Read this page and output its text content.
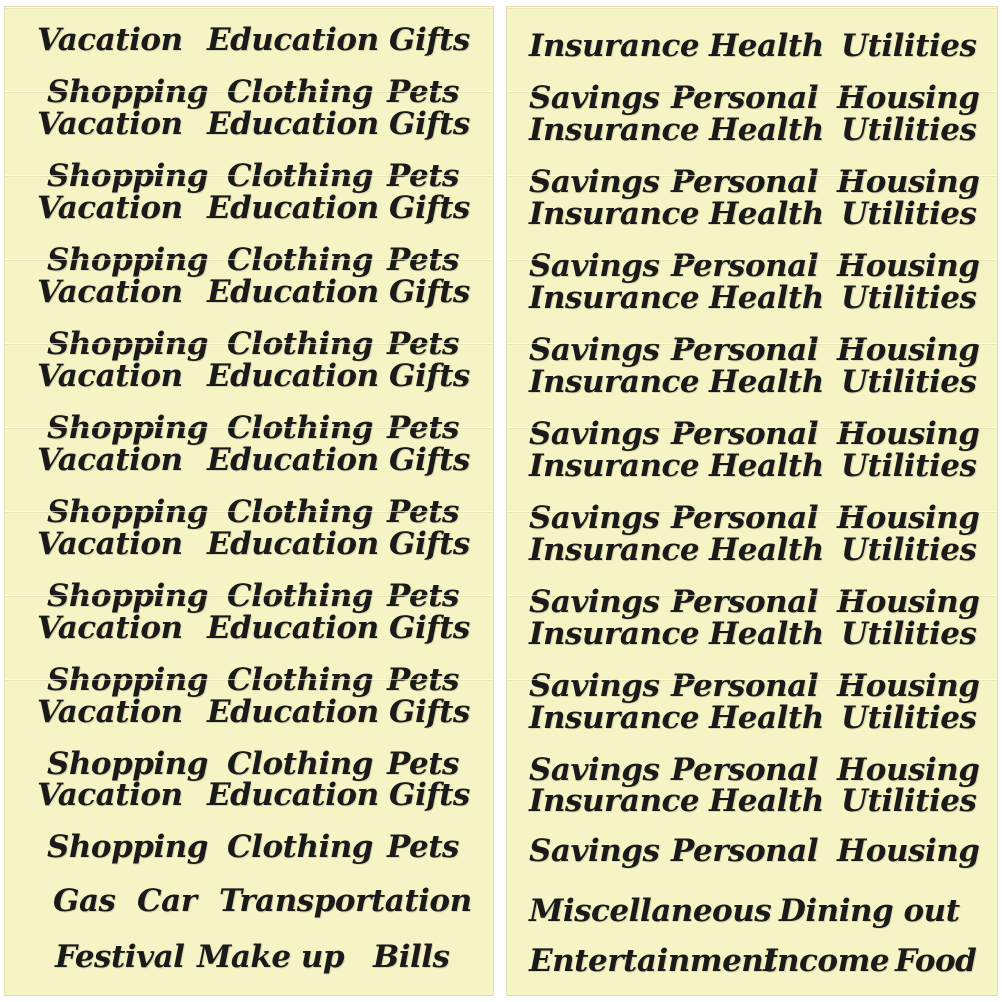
Vacation Education Gifts
Shopping Clothing Pets
Vacation Education Gifts
Shopping Clothing Pets
Vacation Education Gifts
Shopping Clothing Pets
Vacation Education Gifts
Shopping Clothing Pets
Vacation Education Gifts
Shopping Clothing Pets
Vacation Education Gifts
Shopping Clothing Pets
Vacation Education Gifts
Shopping Clothing Pets
Vacation Education Gifts
Shopping Clothing Pets
Vacation Education Gifts
Shopping Clothing Pets
Vacation Education Gifts
Shopping Clothing Pets
Gas Car Transportation
Festival Make up Bills
Insurance Health Utilities
Savings Personal Housing
Insurance Health Utilities
Savings Personal Housing
Insurance Health Utilities
Savings Personal Housing
Insurance Health Utilities
Savings Personal Housing
Insurance Health Utilities
Savings Personal Housing
Insurance Health Utilities
Savings Personal Housing
Insurance Health Utilities
Savings Personal Housing
Insurance Health Utilities
Savings Personal Housing
Insurance Health Utilities
Savings Personal Housing
Insurance Health Utilities
Savings Personal Housing
Miscellaneous Dining out
Entertainment
Income Food
